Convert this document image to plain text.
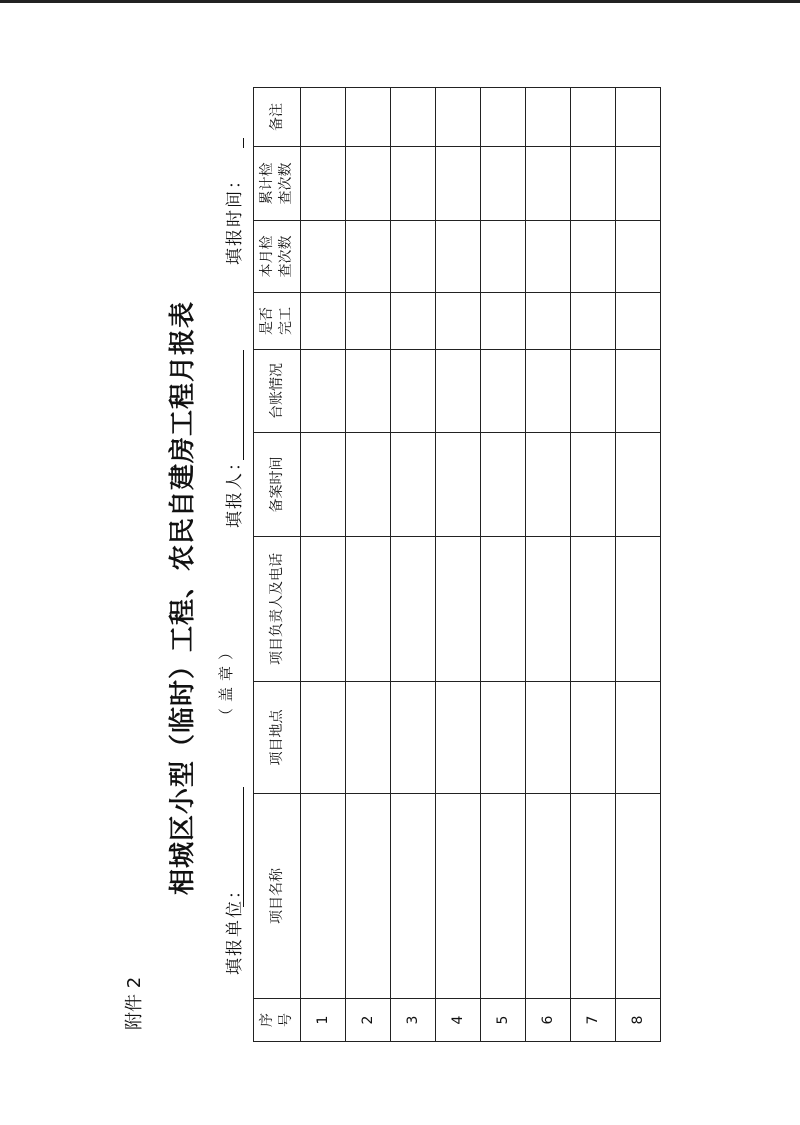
附件 2
相城区小型（临时）工程、农民自建房工程月报表
填报单位：
（盖章）
填报人：
填报时间：
序 号	项目名称	项目地点	项目负责人及电话	备案时间	台账情况	是否 完工	本月检 查次数	累计检 查次数	备注
1									
2									
3									
4									
5									
6									
7									
8									
